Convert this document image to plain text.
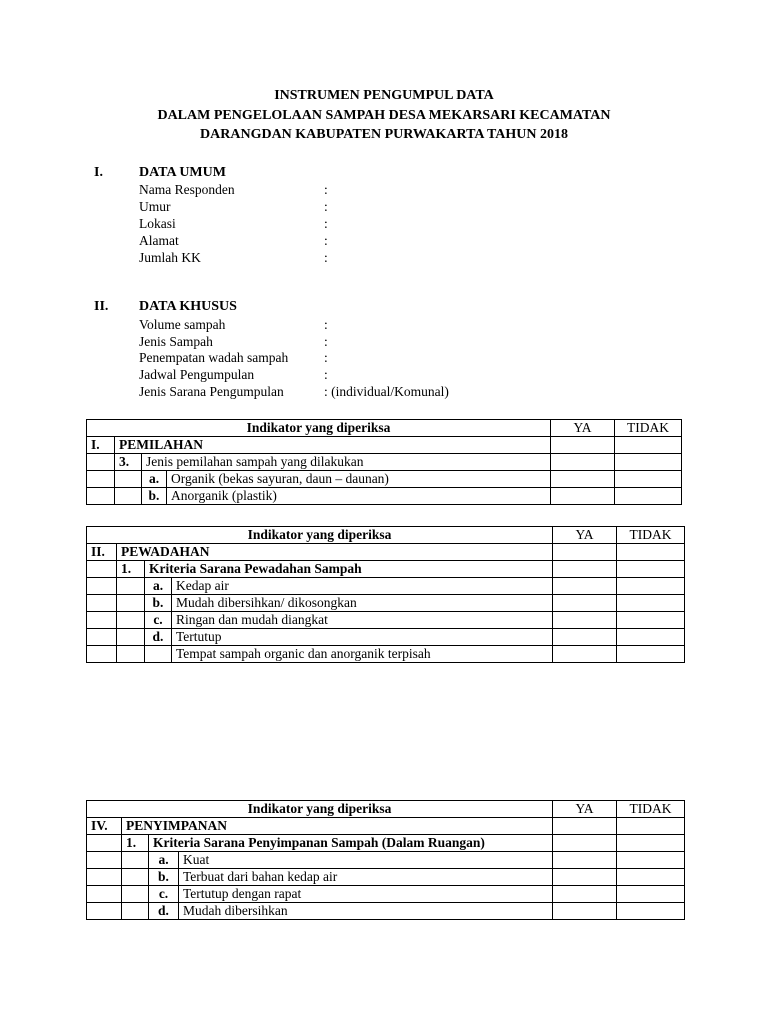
INSTRUMEN PENGUMPUL DATA
DALAM PENGELOLAAN SAMPAH DESA MEKARSARI KECAMATAN
DARANGDAN KABUPATEN PURWAKARTA TAHUN 2018
I.	DATA UMUM
Nama Responden	:
Umur	:
Lokasi	:
Alamat	:
Jumlah KK	:
II. DATA KHUSUS
Volume sampah	:
Jenis Sampah	:
Penempatan wadah sampah	:
Jadwal Pengumpulan	:
Jenis Sarana Pengumpulan	: (individual/Komunal)
Indikator yang diperiksa				YA	TIDAK
I.	PEMILAHAN				
	3.	Jenis pemilahan sampah yang dilakukan			
		a.	Organik (bekas sayuran, daun – daunan)		
		b.	Anorganik (plastik)		
Indikator yang diperiksa				YA	TIDAK
II.	PEWADAHAN				
	1.	Kriteria Sarana Pewadahan Sampah			
		a.	Kedap air		
		b.	Mudah dibersihkan/ dikosongkan		
		c.	Ringan dan mudah diangkat		
		d.	Tertutup		
			Tempat sampah organic dan anorganik terpisah		
Indikator yang diperiksa				YA	TIDAK
IV.	PENYIMPANAN				
	1.	Kriteria Sarana Penyimpanan Sampah (Dalam Ruangan)			
		a.	Kuat		
		b.	Terbuat dari bahan kedap air		
		c.	Tertutup dengan rapat		
		d.	Mudah dibersihkan		
